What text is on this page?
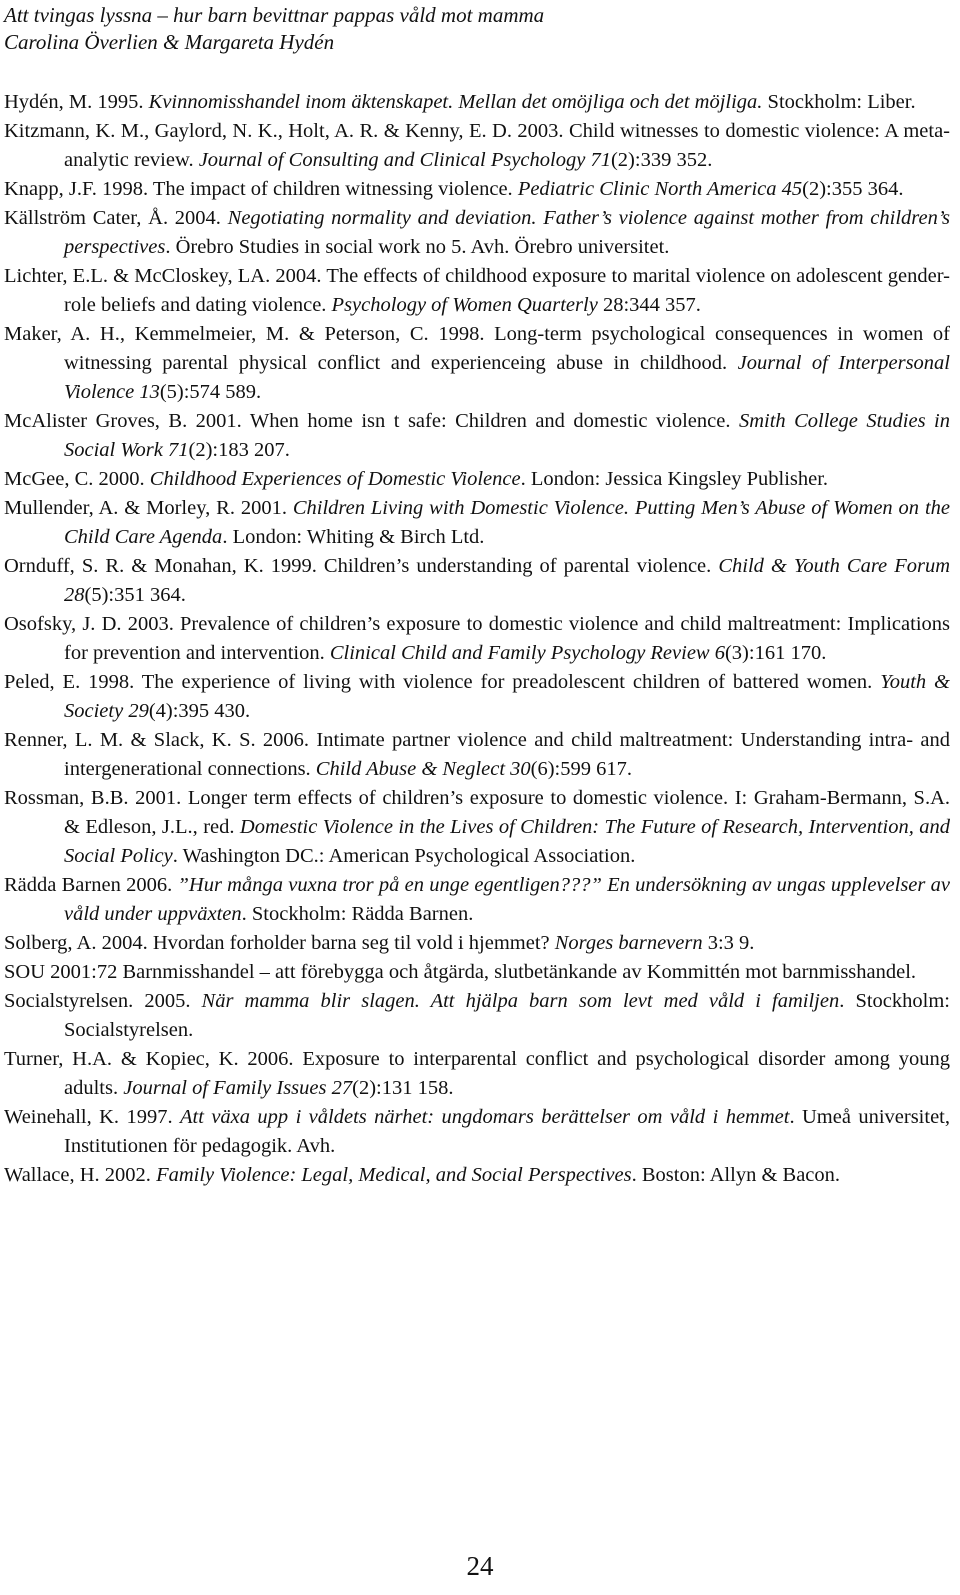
Att tvingas lyssna – hur barn bevittnar pappas våld mot mamma
Carolina Överlien & Margareta Hydén
Hydén, M. 1995. Kvinnomisshandel inom äktenskapet. Mellan det omöjliga och det möjliga. Stockholm: Liber.
Kitzmann, K. M., Gaylord, N. K., Holt, A. R. & Kenny, E. D. 2003. Child witnesses to domestic violence: A meta-analytic review. Journal of Consulting and Clinical Psychology 71(2):339 352.
Knapp, J.F. 1998. The impact of children witnessing violence. Pediatric Clinic North America 45(2):355 364.
Källström Cater, Å. 2004. Negotiating normality and deviation. Father’s violence against mother from children’s perspectives. Örebro Studies in social work no 5. Avh. Örebro universitet.
Lichter, E.L. & McCloskey, LA. 2004. The effects of childhood exposure to marital violence on adolescent gender-role beliefs and dating violence. Psychology of Women Quarterly 28:344 357.
Maker, A. H., Kemmelmeier, M. & Peterson, C. 1998. Long-term psychological consequences in women of witnessing parental physical conflict and experienceing abuse in childhood. Journal of Interpersonal Violence 13(5):574 589.
McAlister Groves, B. 2001. When home isn t safe: Children and domestic violence. Smith College Studies in Social Work 71(2):183 207.
McGee, C. 2000. Childhood Experiences of Domestic Violence. London: Jessica Kingsley Publisher.
Mullender, A. & Morley, R. 2001. Children Living with Domestic Violence. Putting Men’s Abuse of Women on the Child Care Agenda. London: Whiting & Birch Ltd.
Ornduff, S. R. & Monahan, K. 1999. Children’s understanding of parental violence. Child & Youth Care Forum 28(5):351 364.
Osofsky, J. D. 2003. Prevalence of children’s exposure to domestic violence and child maltreatment: Implications for prevention and intervention. Clinical Child and Family Psychology Review 6(3):161 170.
Peled, E. 1998. The experience of living with violence for preadolescent children of battered women. Youth & Society 29(4):395 430.
Renner, L. M. & Slack, K. S. 2006. Intimate partner violence and child maltreatment: Understanding intra- and intergenerational connections. Child Abuse & Neglect 30(6):599 617.
Rossman, B.B. 2001. Longer term effects of children’s exposure to domestic violence. I: Graham-Bermann, S.A. & Edleson, J.L., red. Domestic Violence in the Lives of Children: The Future of Research, Intervention, and Social Policy. Washington DC.: American Psychological Association.
Rädda Barnen 2006. ”Hur många vuxna tror på en unge egentligen???” En undersökning av ungas upplevelser av våld under uppväxten. Stockholm: Rädda Barnen.
Solberg, A. 2004. Hvordan forholder barna seg til vold i hjemmet? Norges barnevern 3:3 9.
SOU 2001:72 Barnmisshandel – att förebygga och åtgärda, slutbetänkande av Kommittén mot barnmisshandel.
Socialstyrelsen. 2005. När mamma blir slagen. Att hjälpa barn som levt med våld i familjen. Stockholm: Socialstyrelsen.
Turner, H.A. & Kopiec, K. 2006. Exposure to interparental conflict and psychological disorder among young adults. Journal of Family Issues 27(2):131 158.
Weinehall, K. 1997. Att växa upp i våldets närhet: ungdomars berättelser om våld i hemmet. Umeå universitet, Institutionen för pedagogik. Avh.
Wallace, H. 2002. Family Violence: Legal, Medical, and Social Perspectives. Boston: Allyn & Bacon.
24
